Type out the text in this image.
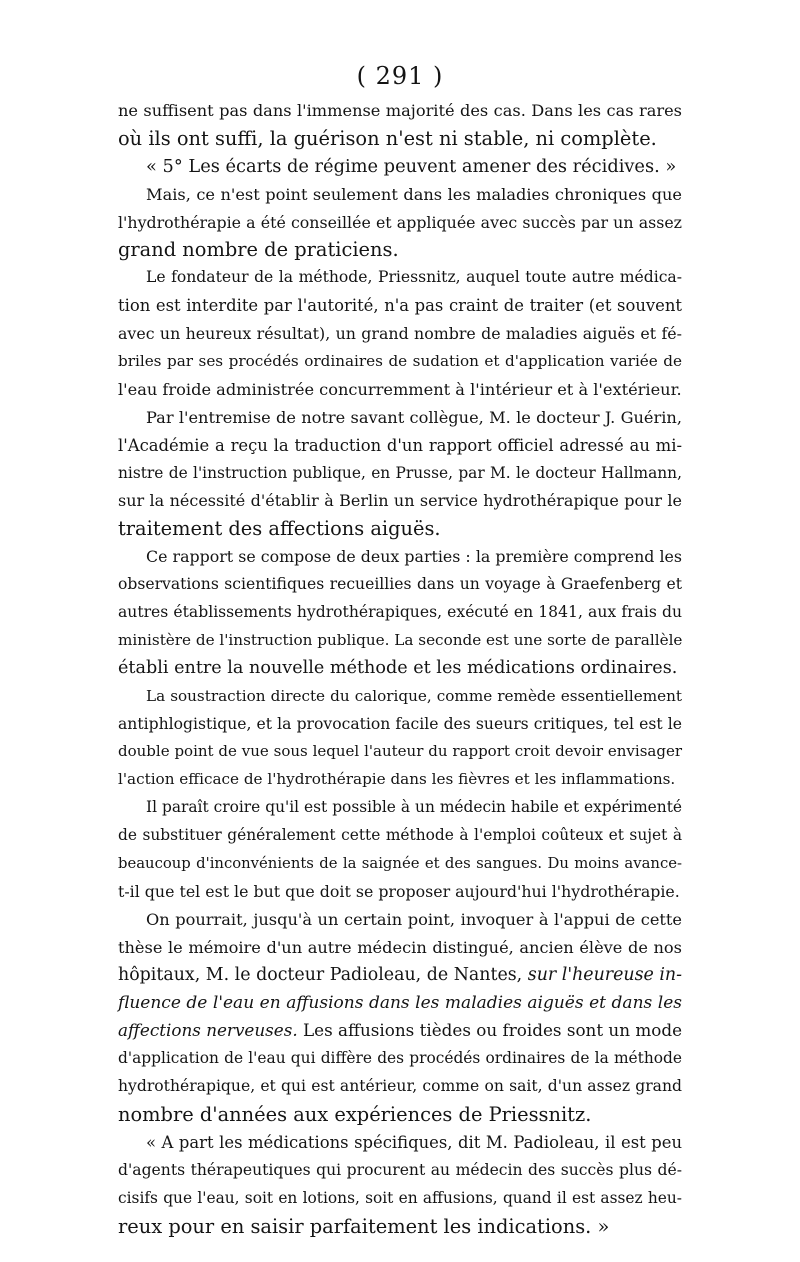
( 291 )

ne suffisent pas dans l'immense majorité des cas. Dans les cas rares
où ils ont suffi, la guérison n'est ni stable, ni complète.

« 5° Les écarts de régime peuvent amener des récidives. »

Mais, ce n'est point seulement dans les maladies chroniques que
l'hydrothérapie a été conseillée et appliquée avec succès par un assez
grand nombre de praticiens.

Le fondateur de la méthode, Priessnitz, auquel toute autre médica-
tion est interdite par l'autorité, n'a pas craint de traiter (et souvent
avec un heureux résultat), un grand nombre de maladies aiguës et fé-
briles par ses procédés ordinaires de sudation et d'application variée de
l'eau froide administrée concurremment à l'intérieur et à l'extérieur.

Par l'entremise de notre savant collègue, M. le docteur J. Guérin,
l'Académie a reçu la traduction d'un rapport officiel adressé au mi-
nistre de l'instruction publique, en Prusse, par M. le docteur Hallmann,
sur la nécessité d'établir à Berlin un service hydrothérapique pour le
traitement des affections aiguës.

Ce rapport se compose de deux parties : la première comprend les
observations scientifiques recueillies dans un voyage à Graefenberg et
autres établissements hydrothérapiques, exécuté en 1841, aux frais du
ministère de l'instruction publique. La seconde est une sorte de parallèle
établi entre la nouvelle méthode et les médications ordinaires.

La soustraction directe du calorique, comme remède essentiellement
antiphlogistique, et la provocation facile des sueurs critiques, tel est le
double point de vue sous lequel l'auteur du rapport croit devoir envisager
l'action efficace de l'hydrothérapie dans les fièvres et les inflammations.

Il paraît croire qu'il est possible à un médecin habile et expérimenté
de substituer généralement cette méthode à l'emploi coûteux et sujet à
beaucoup d'inconvénients de la saignée et des sangues. Du moins avance-
t-il que tel est le but que doit se proposer aujourd'hui l'hydrothérapie.

On pourrait, jusqu'à un certain point, invoquer à l'appui de cette
thèse le mémoire d'un autre médecin distingué, ancien élève de nos
hôpitaux, M. le docteur Padioleau, de Nantes, sur l'heureuse in-
fluence de l'eau en affusions dans les maladies aiguës et dans les
affections nerveuses. Les affusions tièdes ou froides sont un mode
d'application de l'eau qui diffère des procédés ordinaires de la méthode
hydrothérapique, et qui est antérieur, comme on sait, d'un assez grand
nombre d'années aux expériences de Priessnitz.

« A part les médications spécifiques, dit M. Padioleau, il est peu
d'agents thérapeutiques qui procurent au médecin des succès plus dé-
cisifs que l'eau, soit en lotions, soit en affusions, quand il est assez heu-
reux pour en saisir parfaitement les indications. »
